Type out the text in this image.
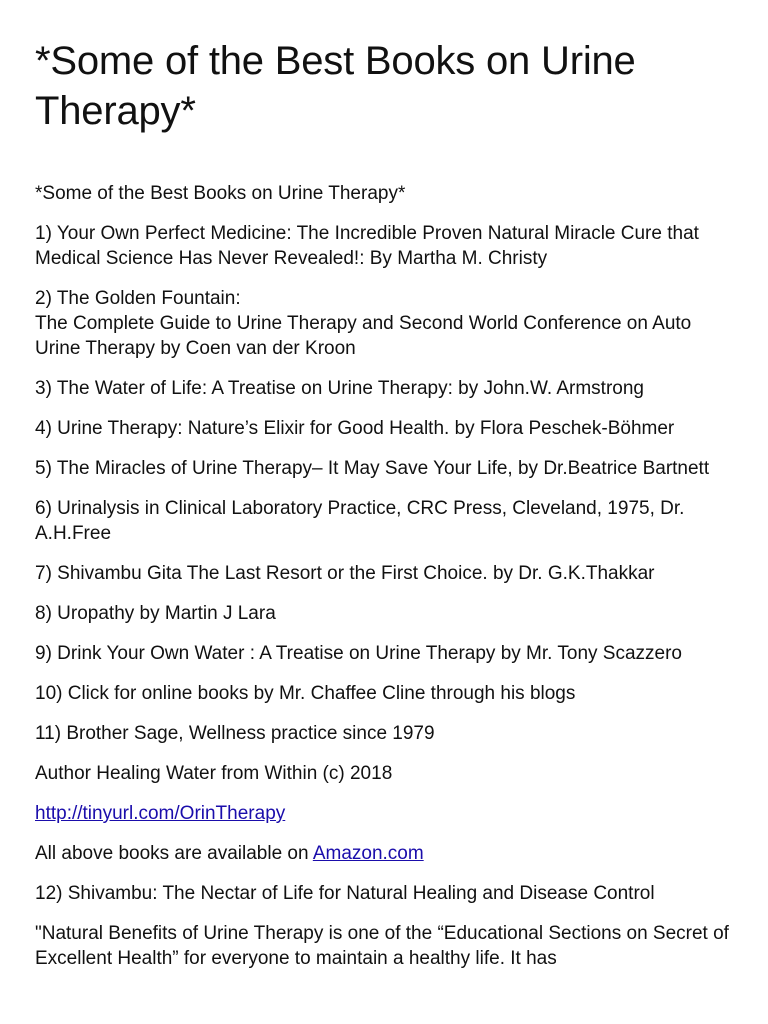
*Some of the Best Books on Urine Therapy*

*Some of the Best Books on Urine Therapy*

1) Your Own Perfect Medicine: The Incredible Proven Natural Miracle Cure that Medical Science Has Never Revealed!: By Martha M. Christy

2) The Golden Fountain:
The Complete Guide to Urine Therapy and Second World Conference on Auto Urine Therapy by Coen van der Kroon

3) The Water of Life: A Treatise on Urine Therapy: by John.W. Armstrong

4) Urine Therapy: Nature’s Elixir for Good Health. by Flora Peschek-Böhmer

5) The Miracles of Urine Therapy– It May Save Your Life, by Dr.Beatrice Bartnett

6) Urinalysis in Clinical Laboratory Practice, CRC Press, Cleveland, 1975, Dr. A.H.Free

7) Shivambu Gita The Last Resort or the First Choice. by Dr. G.K.Thakkar

8) Uropathy by Martin J Lara

9) Drink Your Own Water : A Treatise on Urine Therapy by Mr. Tony Scazzero

10) Click for online books by Mr. Chaffee Cline through his blogs

11) Brother Sage, Wellness practice since 1979

Author Healing Water from Within (c) 2018

http://tinyurl.com/OrinTherapy

All above books are available on Amazon.com

12) Shivambu: The Nectar of Life for Natural Healing and Disease Control

"Natural Benefits of Urine Therapy is one of the “Educational Sections on Secret of Excellent Health” for everyone to maintain a healthy life. It has
